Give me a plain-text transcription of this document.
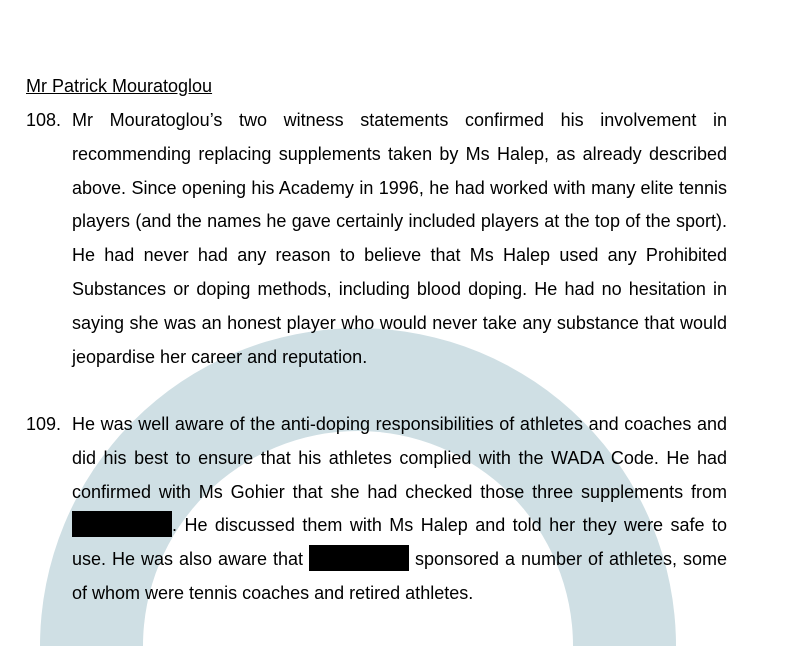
Mr Patrick Mouratoglou
108. Mr Mouratoglou’s two witness statements confirmed his involvement in recommending replacing supplements taken by Ms Halep, as already described above. Since opening his Academy in 1996, he had worked with many elite tennis players (and the names he gave certainly included players at the top of the sport). He had never had any reason to believe that Ms Halep used any Prohibited Substances or doping methods, including blood doping. He had no hesitation in saying she was an honest player who would never take any substance that would jeopardise her career and reputation.
109. He was well aware of the anti-doping responsibilities of athletes and coaches and did his best to ensure that his athletes complied with the WADA Code. He had confirmed with Ms Gohier that she had checked those three supplements from . He discussed them with Ms Halep and told her they were safe to use. He was also aware that	sponsored a number of athletes, some of whom were tennis coaches and retired athletes.
